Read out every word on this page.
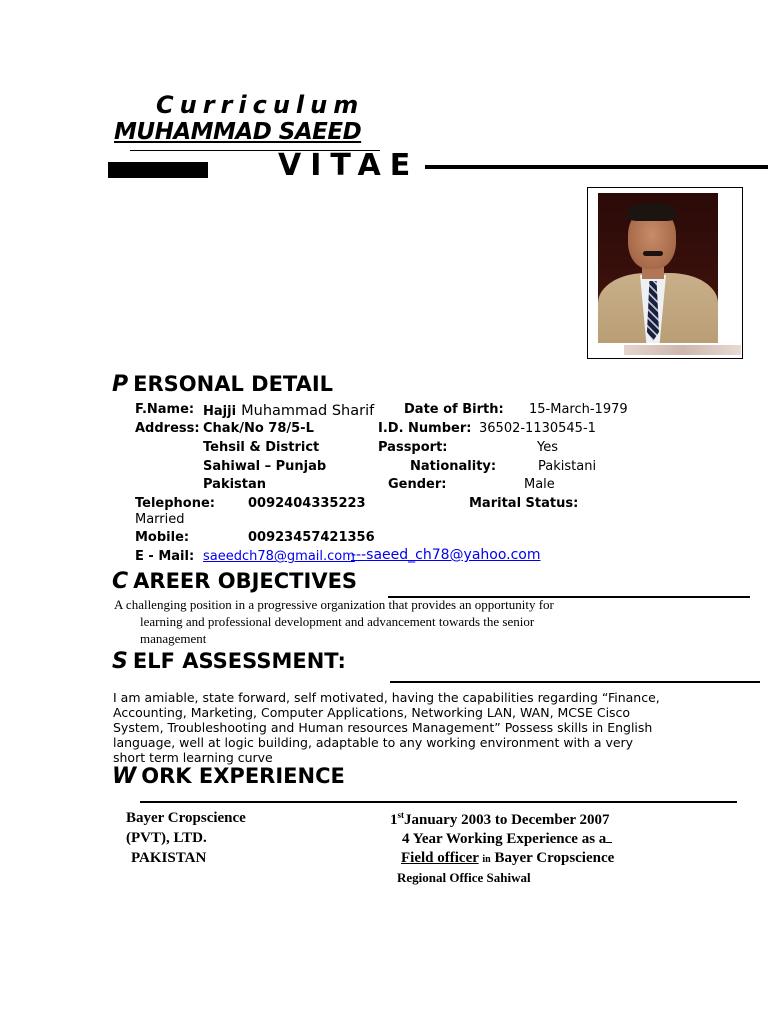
Curriculum
MUHAMMAD SAEED
VITAE
P ERSONAL DETAIL
F.Name: Hajji Muhammad Sharif Date of Birth: 15-March-1979
Address: Chak/No 78/5-L	I.D. Number: 36502-1130545-1
Tehsil & District	Passport:	Yes
Sahiwal – Punjab	Nationality:	Pakistani
Pakistan	Gender:	Male
Telephone:	0092404335223	Marital Status:
Married
Mobile:	00923457421356
E - Mail: saeedch78@gmail.com
---saeed_ch78@yahoo.com
C AREER OBJECTIVES
A challenging position in a progressive organization that provides an opportunity for
learning and professional development and advancement towards the senior
management
S ELF ASSESSMENT:
I am amiable, state forward, self motivated, having the capabilities regarding “Finance,
Accounting, Marketing, Computer Applications, Networking LAN, WAN, MCSE Cisco
System, Troubleshooting and Human resources Management” Possess skills in English
language, well at logic building, adaptable to any working environment with a very
short term learning curve
W ORK EXPERIENCE
Bayer Cropscience
(PVT), LTD.
PAKISTAN
1stJanuary 2003 to December 2007
4 Year Working Experience as a
Field officer in Bayer Cropscience
Regional Office Sahiwal
